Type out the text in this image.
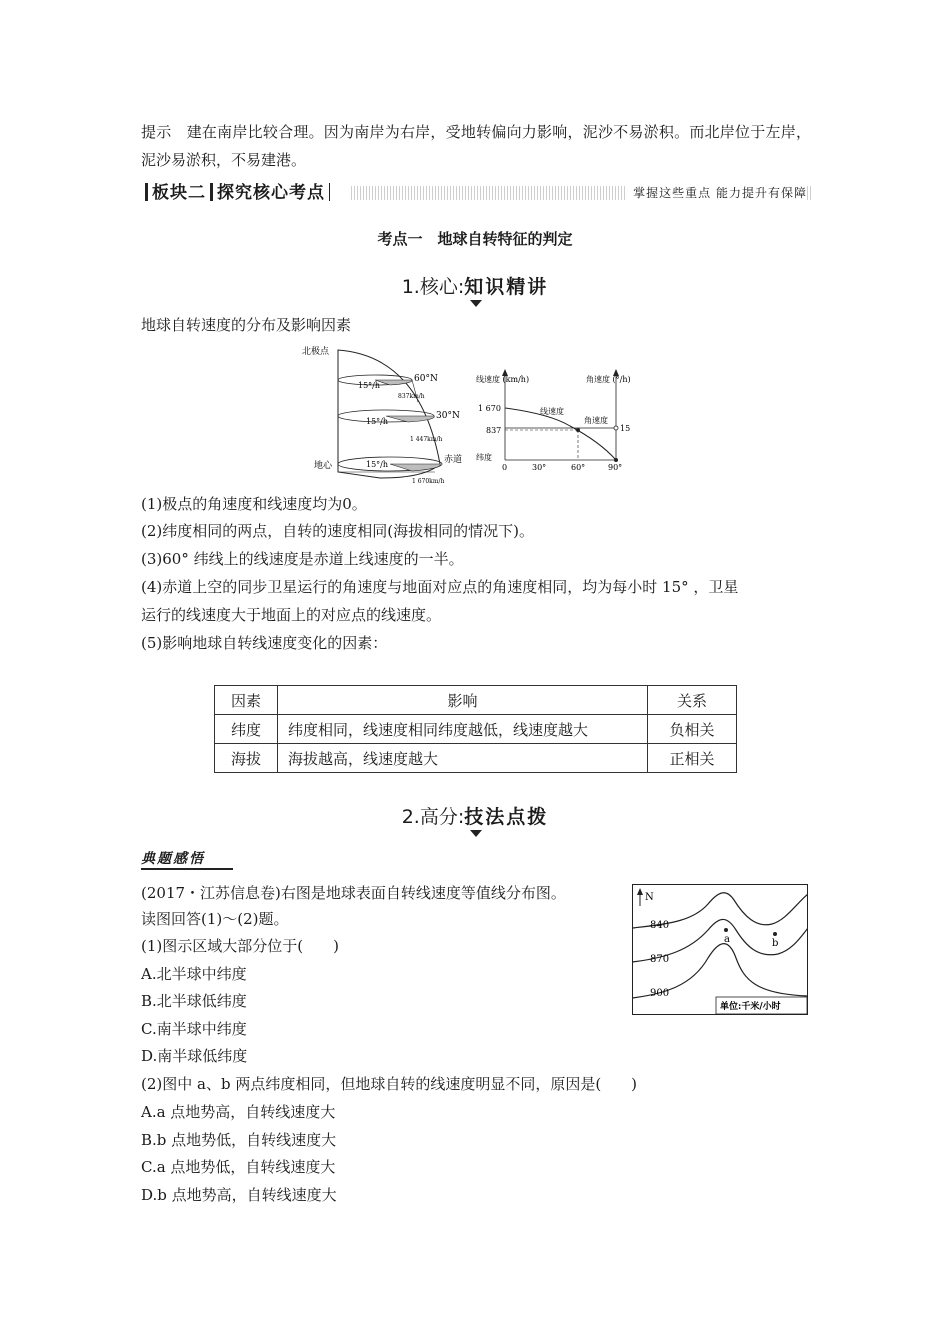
提示　 建在南岸比较合理。因为南岸为右岸，受地转偏向力影响，泥沙不易淤积。而北岸位于左岸，泥沙易淤积，不易建港。
板块二 探究核心考点	掌握这些重点 能力提升有保障
考点一　地球自转特征的判定
1.核心:知识精讲
地球自转速度的分布及影响因素
北极点
地心
赤道
60°N
30°N
15°/h
15°/h
15°/h
837km/h
1 447km/h
1 670km/h
线速度 (km/h)	角速度 (°/h)
线速度
角速度
纬度
1 670
837	15
0	30°	60°	90°
(1)极点的角速度和线速度均为0。
(2)纬度相同的两点，自转的速度相同(海拔相同的情况下)。
(3)60° 纬线上的线速度是赤道上线速度的一半。
(4)赤道上空的同步卫星运行的角速度与地面对应点的角速度相同，均为每小时 15° ，卫星
运行的线速度大于地面上的对应点的线速度。
(5)影响地球自转线速度变化的因素：
因素	影响	关系
纬度	纬度相同，线速度相同纬度越低，线速度越大	负相关
海拔	海拔越高，线速度越大	正相关
2.高分:技法点拨
典题感悟
(2017・江苏信息卷)右图是地球表面自转线速度等值线分布图。
读图回答(1)～(2)题。
(1)图示区域大部分位于(　　)
A.北半球中纬度
B.北半球低纬度
C.南半球中纬度
D.南半球低纬度
(2)图中 a、b 两点纬度相同，但地球自转的线速度明显不同，原因是(　　)
A.a 点地势高，自转线速度大
B.b 点地势低，自转线速度大
C.a 点地势低，自转线速度大
D.b 点地势高，自转线速度大
N
840
870
900
a	b
单位:千米/小时
